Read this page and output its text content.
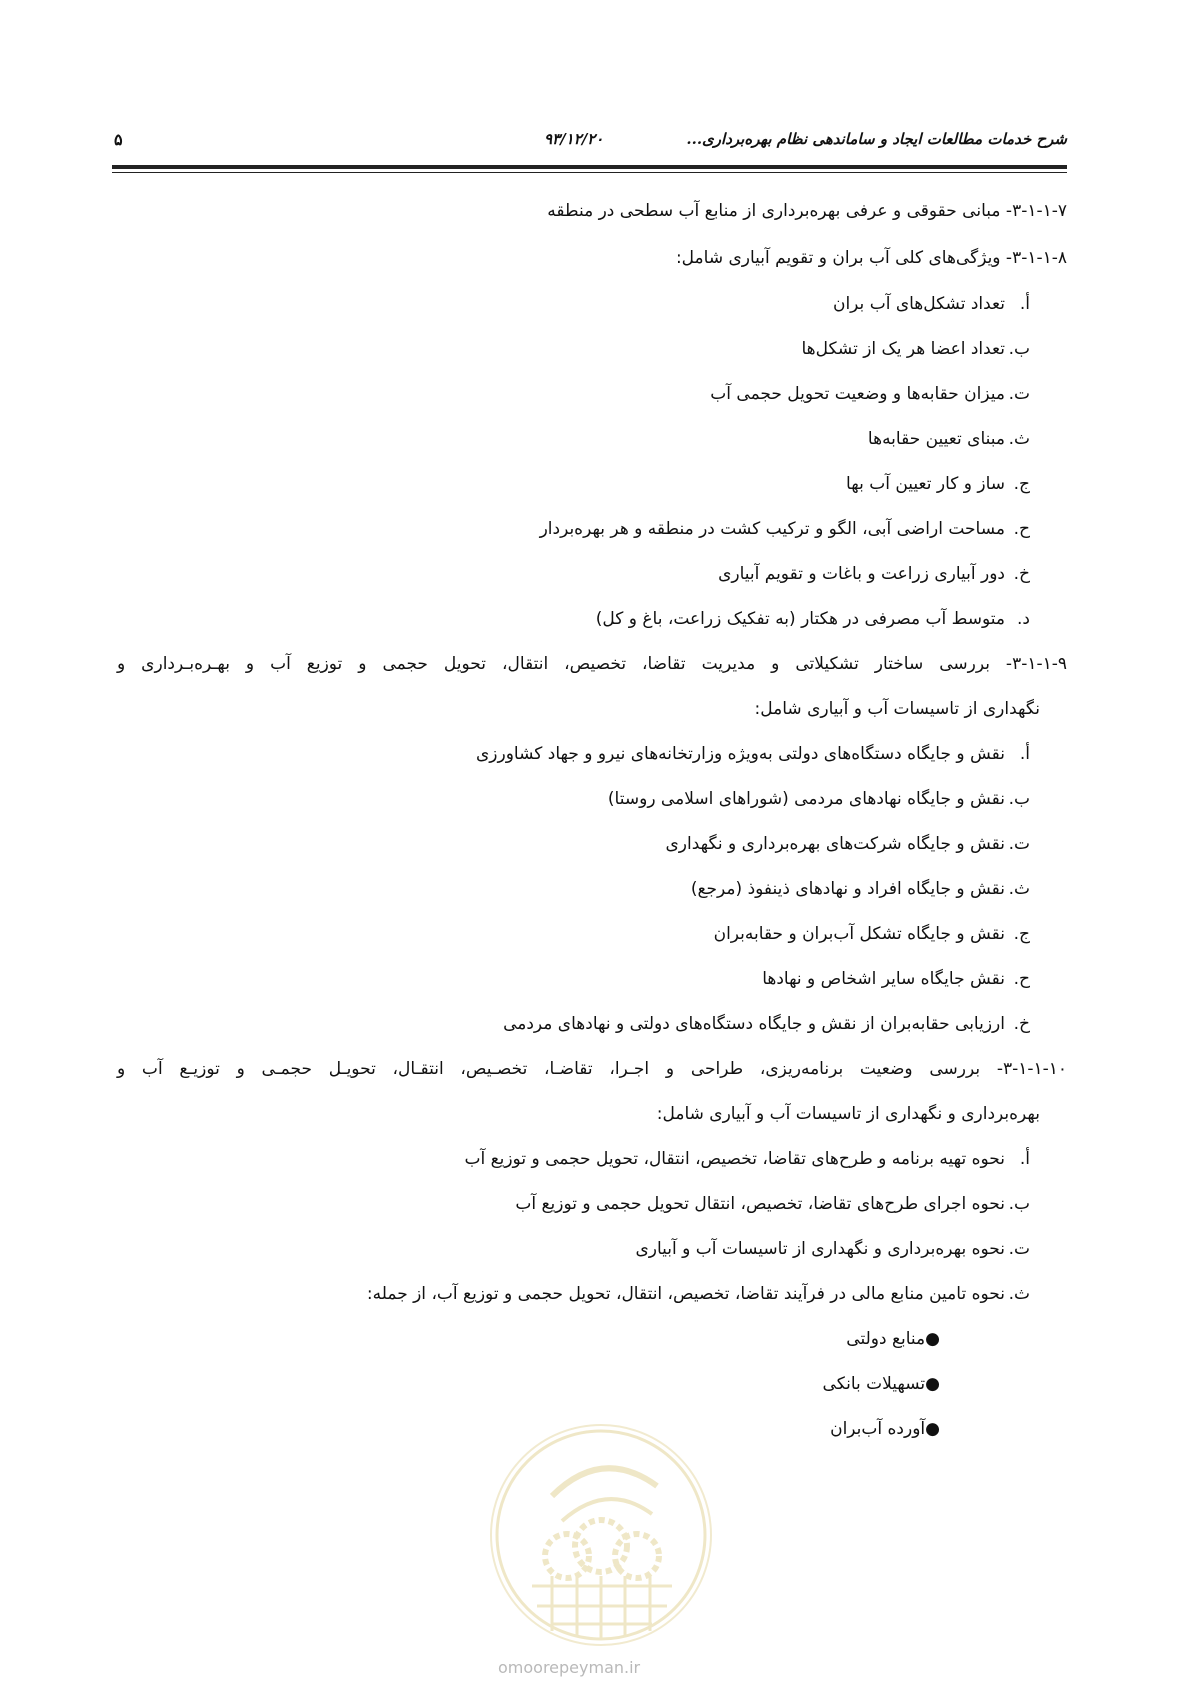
شرح خدمات مطالعات ایجاد و ساماندهی نظام بهره‌برداری...
۹۳/۱۲/۲۰
۵
۳-۱-۱-۷- مبانی حقوقی و عرفی بهره‌برداری از منابع آب سطحی در منطقه
۳-۱-۱-۸- ویژگی‌های کلی آب بران و تقویم آبیاری شامل:
أ.تعداد تشکل‌های آب بران
ب.تعداد اعضا هر یک از تشکل‌ها
ت.میزان حقابه‌ها و وضعیت تحویل حجمی آب
ث.مبنای تعیین حقابه‌ها
ج.ساز و کار تعیین آب بها
ح.مساحت اراضی آبی، الگو و ترکیب کشت در منطقه و هر بهره‌بردار
خ.دور آبیاری زراعت و باغات و تقویم آبیاری
د.متوسط آب مصرفی در هکتار (به تفکیک زراعت، باغ و کل)
۳-۱-۱-۹- بررسی ساختار تشکیلاتی و مدیریت تقاضا، تخصیص، انتقال، تحویل حجمی و توزیع آب و بهـره‌بـرداری و
نگهداری از تاسیسات آب و آبیاری شامل:
أ.نقش و جایگاه دستگاه‌های دولتی به‌ویژه وزارتخانه‌های نیرو و جهاد کشاورزی
ب.نقش و جایگاه نهادهای مردمی (شوراهای اسلامی روستا)
ت.نقش و جایگاه شرکت‌های بهره‌برداری و نگهداری
ث.نقش و جایگاه افراد و نهادهای ذینفوذ (مرجع)
ج.نقش و جایگاه تشکل آب‌بران و حقابه‌بران
ح.نقش جایگاه سایر اشخاص و نهادها
خ.ارزیابی حقابه‌بران از نقش و جایگاه دستگاه‌های دولتی و نهادهای مردمی
۳-۱-۱-۱۰- بررسی وضعیت برنامه‌ریزی، طراحی و اجـرا، تقاضـا، تخصـیص، انتقـال، تحویـل حجمـی و توزیـع آب و
بهره‌برداری و نگهداری از تاسیسات آب و آبیاری شامل:
أ.نحوه تهیه برنامه و طرح‌های تقاضا، تخصیص، انتقال، تحویل حجمی و توزیع آب
ب.نحوه اجرای طرح‌های تقاضا، تخصیص، انتقال تحویل حجمی و توزیع آب
ت.نحوه بهره‌برداری و نگهداری از تاسیسات آب و آبیاری
ث.نحوه تامین منابع مالی در فرآیند تقاضا، تخصیص، انتقال، تحویل حجمی و توزیع آب، از جمله:
●منابع دولتی
●تسهیلات بانکی
●آورده آب‌بران
omoorepeyman.ir
